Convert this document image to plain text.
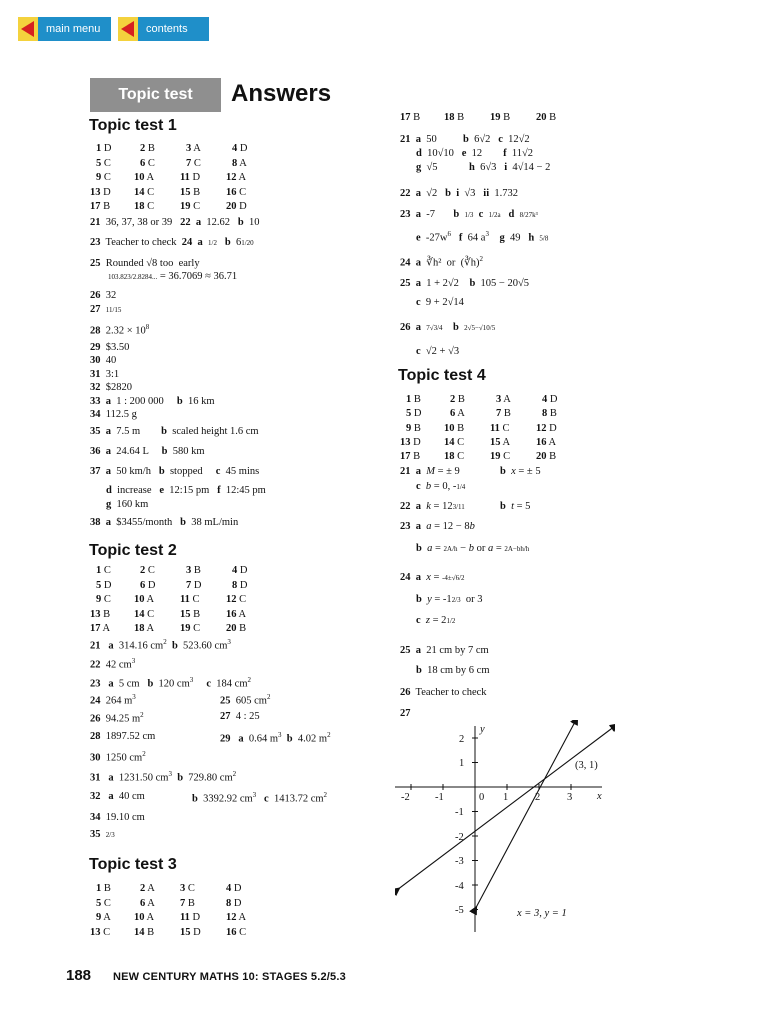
main menu	contents
Topic test	Answers
Topic test 1
1 D	2 B	3 A	4 D
5 C	6 C	7 C	8 A
9 C 10 A 11 D 12 A
13 D 14 C 15 B 16 C
17 B 18 C 19 C 20 D
21  36, 37, 38 or 39   22 a  12.62   b  10
23  Teacher to check  24 a 1/2 b  61/20
25  Rounded √8 too  early
103.823/2.8284... = 36.7069 ≈ 36.71
26  32
27 11/15
28  2.32 × 10$^8$
29  $3.50
30  40
31  3:1
32  $2820
33 a  1 : 200 000     b  16 km
34  112.5 g
35 a  7.5 m        b  scaled height 1.6 cm
36 a  24.64 L     b  580 km
37 a  50 km/h   b  stopped     c  45 mins
d  increase   e  12:15 pm   f  12:45 pm
g  160 km
38 a  $3455/month   b  38 mL/min
Topic test 2
1 C	2 C	3 B	4 D
5 D	6 D	7 D	8 D
9 C 10 A 11 C	12 C
13 B 14 C 15 B 16 A
17 A 18 A 19 C 20 B
21 a  314.16 cm$^2$ b  523.60 cm$^3$
22  42 cm$^3$
23 a  5 cm   b  120 cm$^3$ c  184 cm$^2$
24  264 m$^3$	25  605 cm$^2$
26  94.25 m$^2$	27  4 : 25
28  1897.52 cm	29 a  0.64 m$^3$ b  4.02 m$^2$
30  1250 cm$^2$
31 a  1231.50 cm$^3$ b  729.80 cm$^2$
32 a  40 cm	b  3392.92 cm$^3$ c  1413.72 cm$^2$
34  19.10 cm
35 2/3
Topic test 3
1 B	2 A 3 C	4 D
5 C	6 A 7 B	8 D
9 A 10 A 11 D 12 A
13 C 14 B 15 D 16 C
17 B 18 B 19 B 20 B
21 a  50          b  6√2   c  12√2
d  10√10   e  12        f  11√2
g  √5            h  6√3   i  4√14 − 2
22 a  √2   b i  √3   ii  1.732
23 a  -7       b 1/3 c 1/2a d 8/27k³
e  -27w$^6$ f  64 a$^3$ g  49   h 5/8
24 a  ∛h²  or  (∛h)$^2$
25 a  1 + 2√2    b  105 − 20√5
c  9 + 2√14
26 a 7√3/4 b 2√5−√10/5
c  √2 + √3
Topic test 4
1 B	2 B	3 A	4 D
5 D	6 A	7 B	8 B
9 B 10 B 11 C	12 D
13 D 14 C 15 A 16 A
17 B 18 C 19 C 20 B
21 a M = ± 9	b x = ± 5
c b = 0, -1/4
22 a k = 123/11	b t = 5
23 a a = 12 − 8b
b a = 2A/h − b or a = 2A−bh/h
24 a x = -4±√6/2
b y = -12/3  or 3
c z = 21/2
25 a  21 cm by 7 cm
b  18 cm by 6 cm
26  Teacher to check
27
-2 -1	0 1	2	3 x
y
2
1
-1
-2
-3
-4
-5
(3, 1)
x = 3, y = 1
188 NEW CENTURY MATHS 10: STAGES 5.2/5.3
